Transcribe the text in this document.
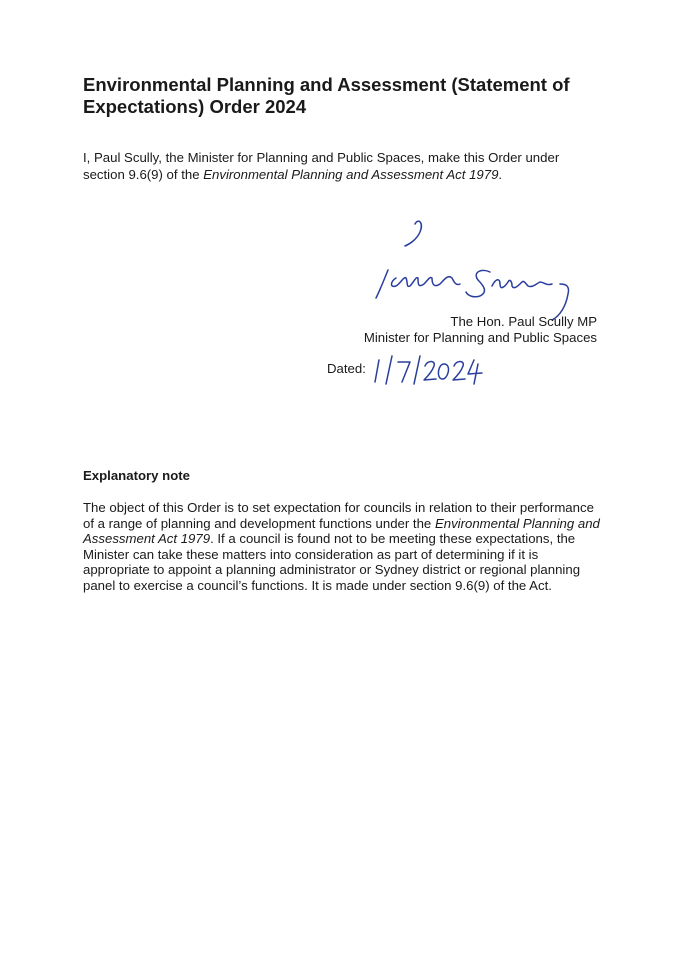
Environmental Planning and Assessment (Statement of Expectations) Order 2024

I, Paul Scully, the Minister for Planning and Public Spaces, make this Order under section 9.6(9) of the Environmental Planning and Assessment Act 1979.

Paul Scully	The Hon. Paul Scully MP
Minister for Planning and Public Spaces
Dated:
1/7/2024
Explanatory note

The object of this Order is to set expectation for councils in relation to their performance of a range of planning and development functions under the Environmental Planning and Assessment Act 1979. If a council is found not to be meeting these expectations, the Minister can take these matters into consideration as part of determining if it is appropriate to appoint a planning administrator or Sydney district or regional planning panel to exercise a council’s functions. It is made under section 9.6(9) of the Act.
